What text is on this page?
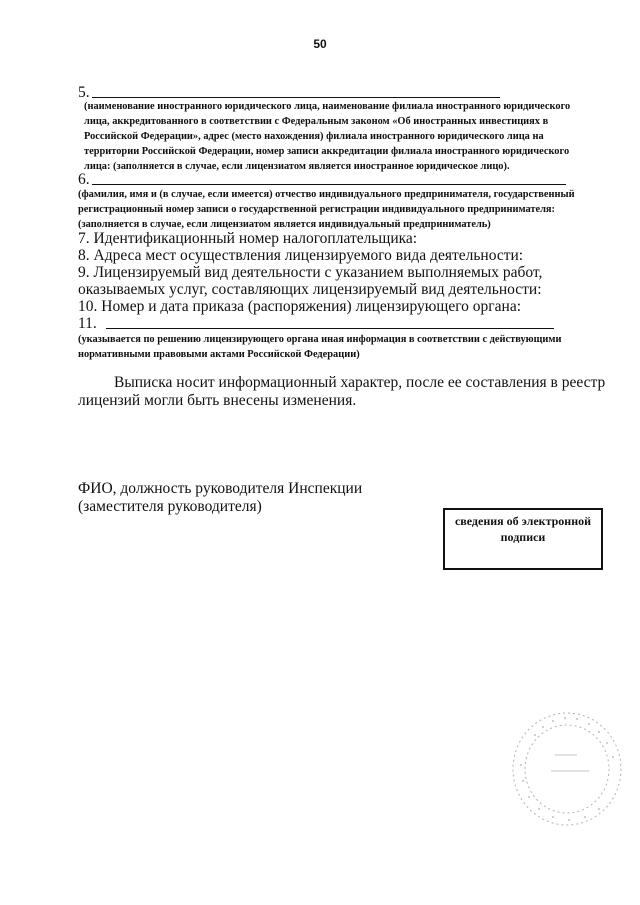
50
5.
(наименование иностранного юридического лица, наименование филиала иностранного юридического
лица, аккредитованного в соответствии с Федеральным законом «Об иностранных инвестициях в
Российской Федерации», адрес (место нахождения) филиала иностранного юридического лица на
территории Российской Федерации, номер записи аккредитации филиала иностранного юридического
лица: (заполняется в случае, если лицензиатом является иностранное юридическое лицо).
6.
(фамилия, имя и (в случае, если имеется) отчество индивидуального предпринимателя, государственный
регистрационный номер записи о государственной регистрации индивидуального предпринимателя:
(заполняется в случае, если лицензиатом является индивидуальный предприниматель)
7. Идентификационный номер налогоплательщика:
8. Адреса мест осуществления лицензируемого вида деятельности:
9. Лицензируемый вид деятельности с указанием выполняемых работ,
оказываемых услуг, составляющих лицензируемый вид деятельности:
10. Номер и дата приказа (распоряжения) лицензирующего органа:
11.
(указывается по решению лицензирующего органа иная информация в соответствии с действующими
нормативными правовыми актами Российской Федерации)
Выписка носит информационный характер, после ее составления в реестр
лицензий могли быть внесены изменения.
ФИО, должность руководителя Инспекции
(заместителя руководителя)
сведения об электронной подписи
